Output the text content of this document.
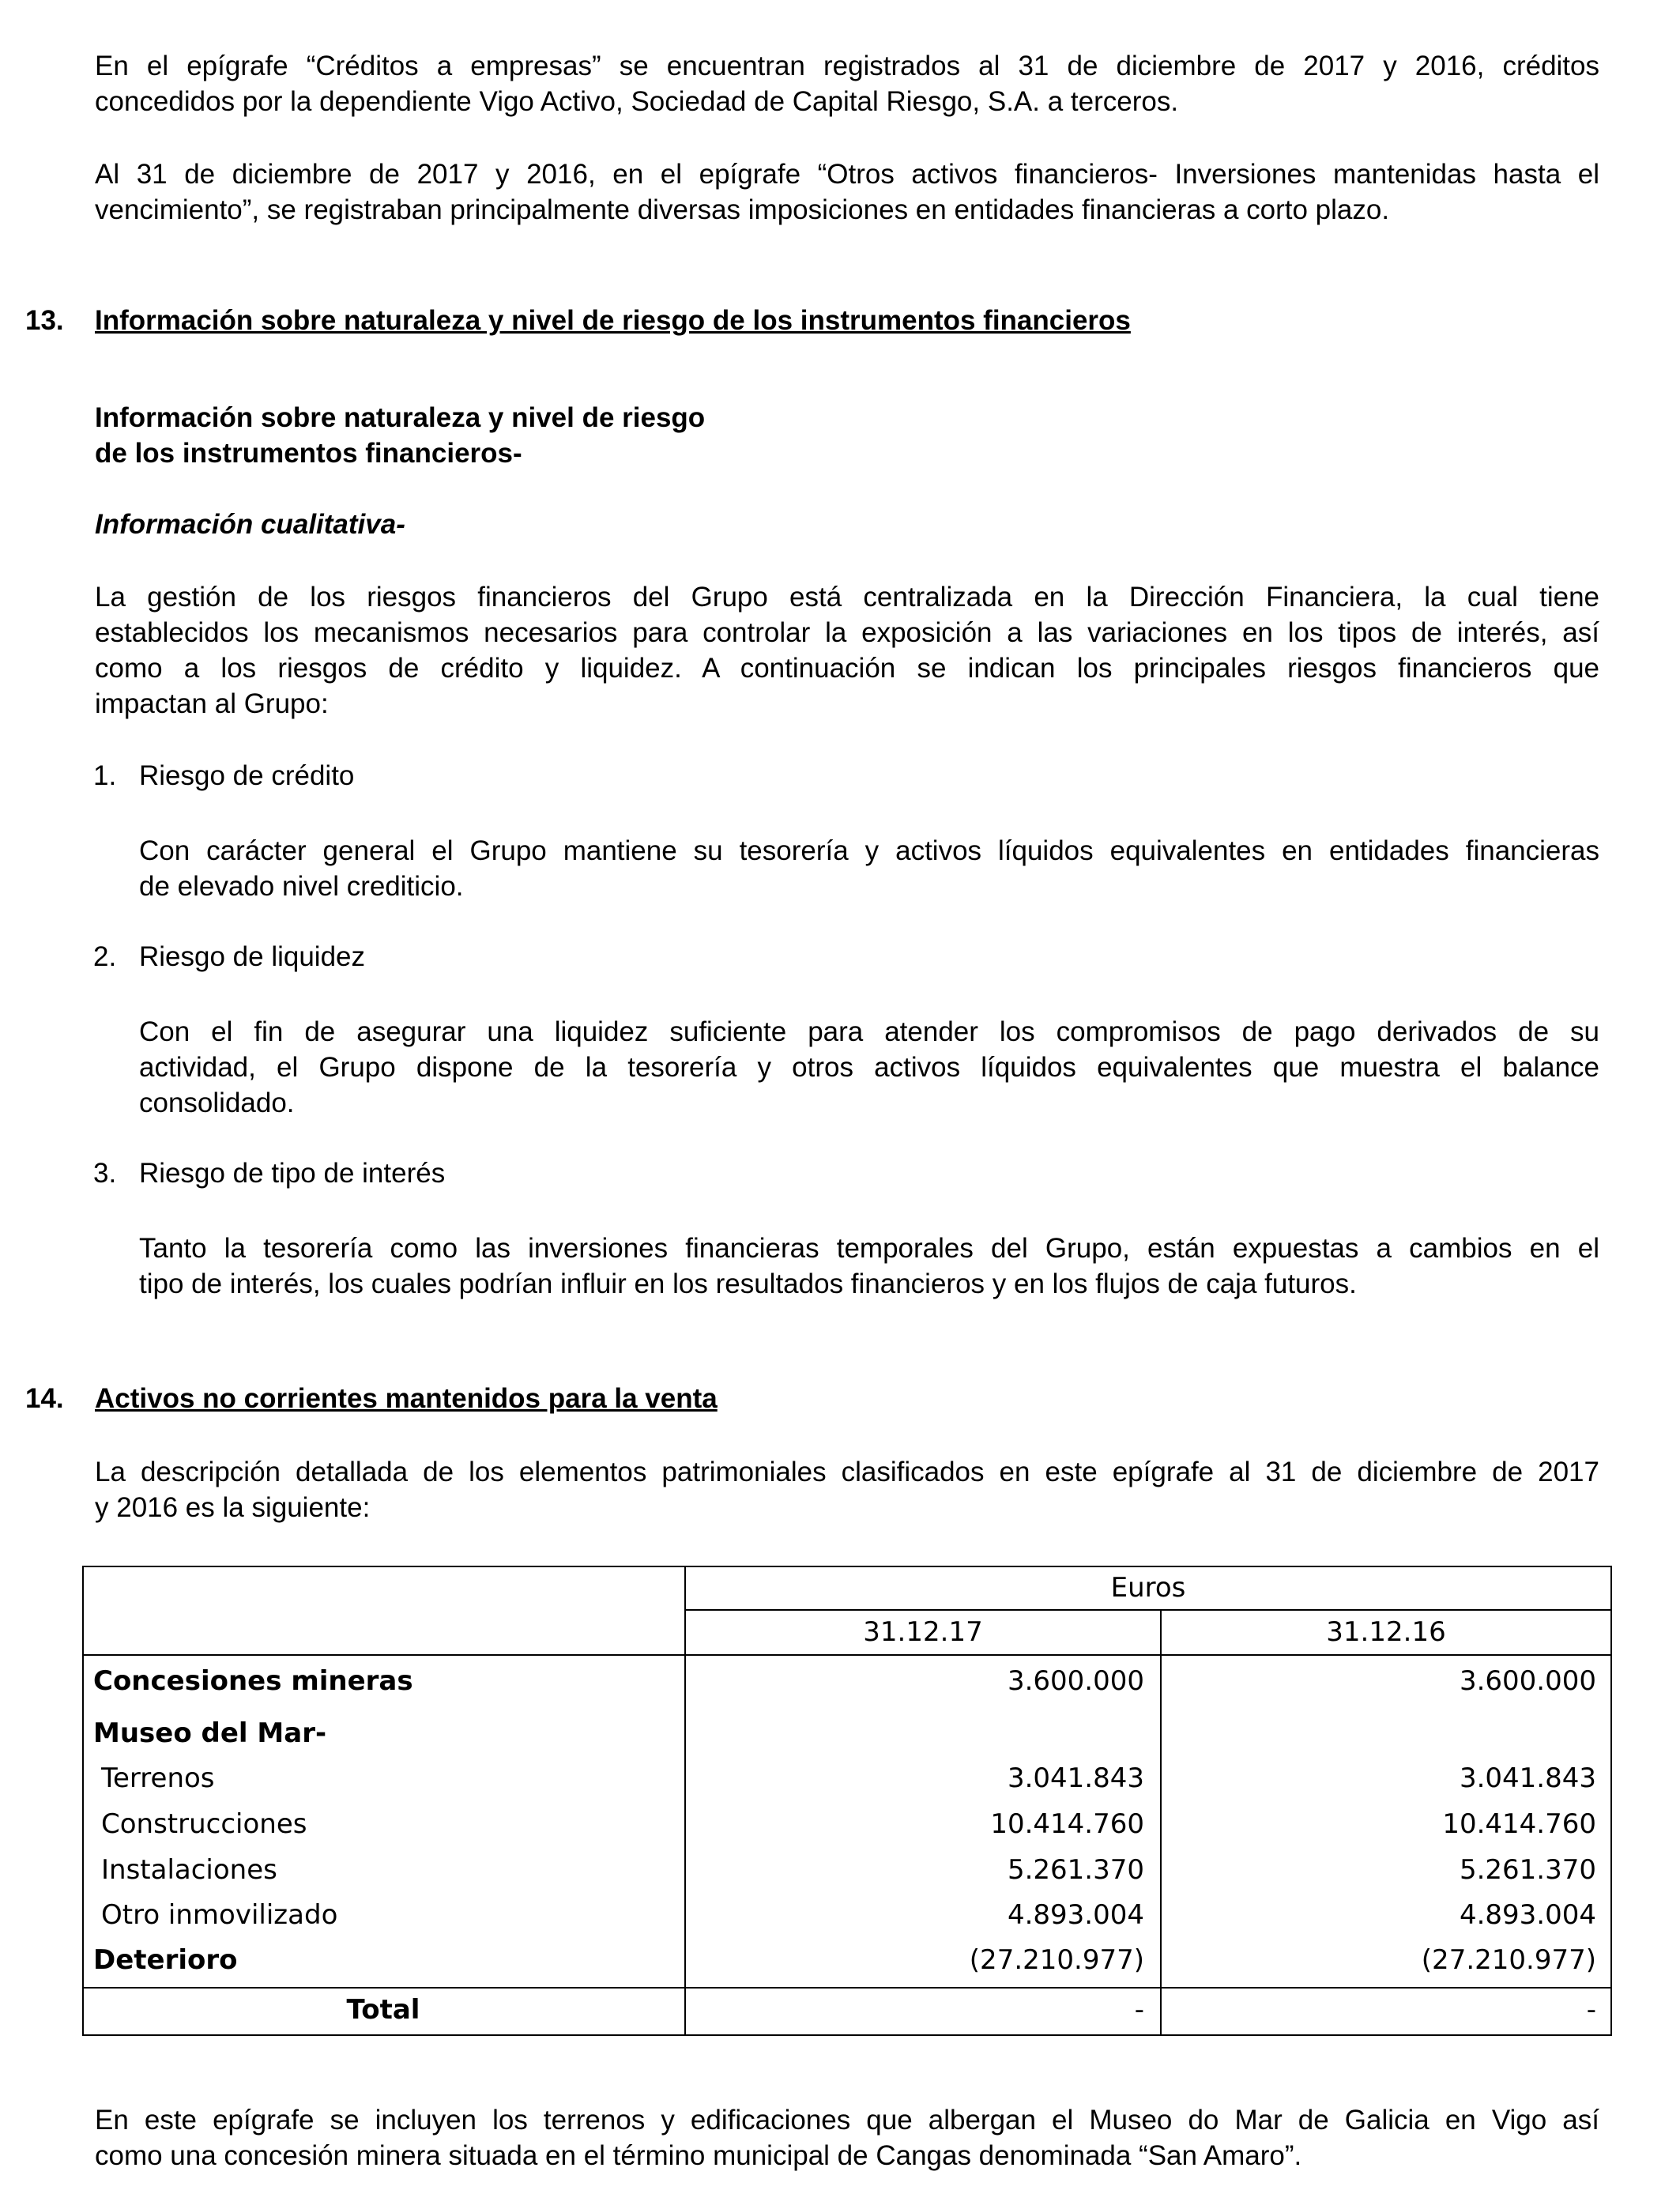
En el epígrafe “Créditos a empresas” se encuentran registrados al 31 de diciembre de 2017 y 2016, créditos
concedidos por la dependiente Vigo Activo, Sociedad de Capital Riesgo, S.A. a terceros.
Al 31 de diciembre de 2017 y 2016, en el epígrafe “Otros activos financieros- Inversiones mantenidas hasta el
vencimiento”, se registraban principalmente diversas imposiciones en entidades financieras a corto plazo.
13. Información sobre naturaleza y nivel de riesgo de los instrumentos financieros
Información sobre naturaleza y nivel de riesgo
de los instrumentos financieros-
Información cualitativa-
La gestión de los riesgos financieros del Grupo está centralizada en la Dirección Financiera, la cual tiene
establecidos los mecanismos necesarios para controlar la exposición a las variaciones en los tipos de interés, así
como a los riesgos de crédito y liquidez. A continuación se indican los principales riesgos financieros que
impactan al Grupo:
1. Riesgo de crédito
Con carácter general el Grupo mantiene su tesorería y activos líquidos equivalentes en entidades financieras
de elevado nivel crediticio.
2. Riesgo de liquidez
Con el fin de asegurar una liquidez suficiente para atender los compromisos de pago derivados de su
actividad, el Grupo dispone de la tesorería y otros activos líquidos equivalentes que muestra el balance
consolidado.
3. Riesgo de tipo de interés
Tanto la tesorería como las inversiones financieras temporales del Grupo, están expuestas a cambios en el
tipo de interés, los cuales podrían influir en los resultados financieros y en los flujos de caja futuros.
14. Activos no corrientes mantenidos para la venta
La descripción detallada de los elementos patrimoniales clasificados en este epígrafe al 31 de diciembre de 2017
y 2016 es la siguiente:
Euros
31.12.17	31.12.16
Concesiones mineras	3.600.000	3.600.000
Museo del Mar-
Terrenos	3.041.843	3.041.843
Construcciones	10.414.760	10.414.760
Instalaciones	5.261.370	5.261.370
Otro inmovilizado	4.893.004	4.893.004
Deterioro	(27.210.977)	(27.210.977)
Total	-	-
En este epígrafe se incluyen los terrenos y edificaciones que albergan el Museo do Mar de Galicia en Vigo así
como una concesión minera situada en el término municipal de Cangas denominada “San Amaro”.
